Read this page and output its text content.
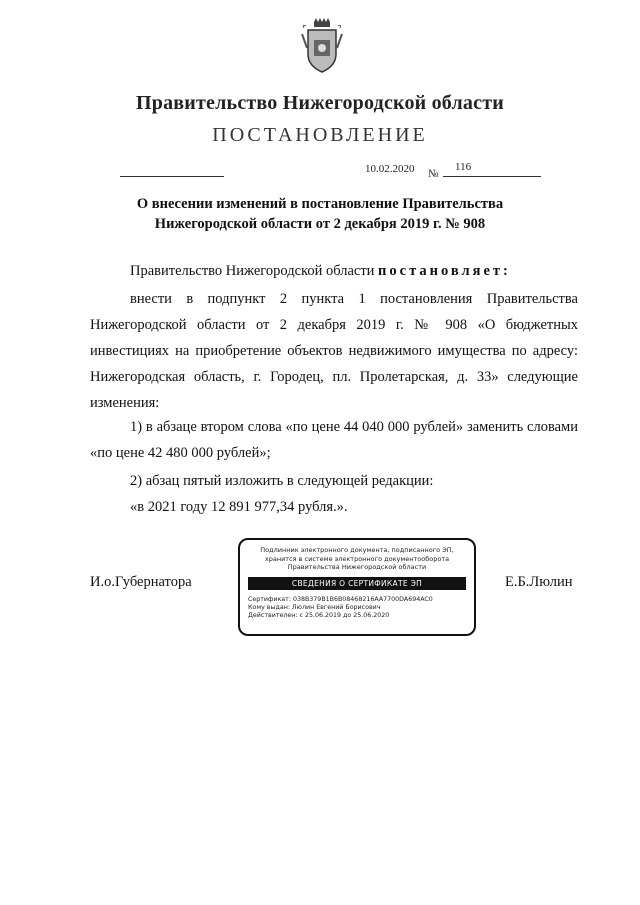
Правительство Нижегородской области
ПОСТАНОВЛЕНИЕ
10.02.2020 №
116
О внесении изменений в постановление Правительства
Нижегородской области от 2 декабря 2019 г. № 908
Правительство Нижегородской области постановляет:
внести в подпункт 2 пункта 1 постановления Правительства Нижегородской области от 2 декабря 2019 г. № 908 «О бюджетных инвестициях на приобретение объектов недвижимого имущества по адресу: Нижегородская область, г. Городец, пл. Пролетарская, д. 33» следующие изменения:
1) в абзаце втором слова «по цене 44 040 000 рублей» заменить словами «по цене 42 480 000 рублей»;
2) абзац пятый изложить в следующей редакции:
«в 2021 году 12 891 977,34 рубля.».
И.о.Губернатора	Е.Б.Люлин
Подлинник электронного документа, подписанного ЭП,
хранится в системе электронного документооборота
Правительства Нижегородской области
СВЕДЕНИЯ О СЕРТИФИКАТЕ ЭП
Сертификат: 038B379B1B6B08468216AA7700DA694AC0
Кому выдан: Люлин Евгений Борисович
Действителен: с 25.06.2019 до 25.06.2020
